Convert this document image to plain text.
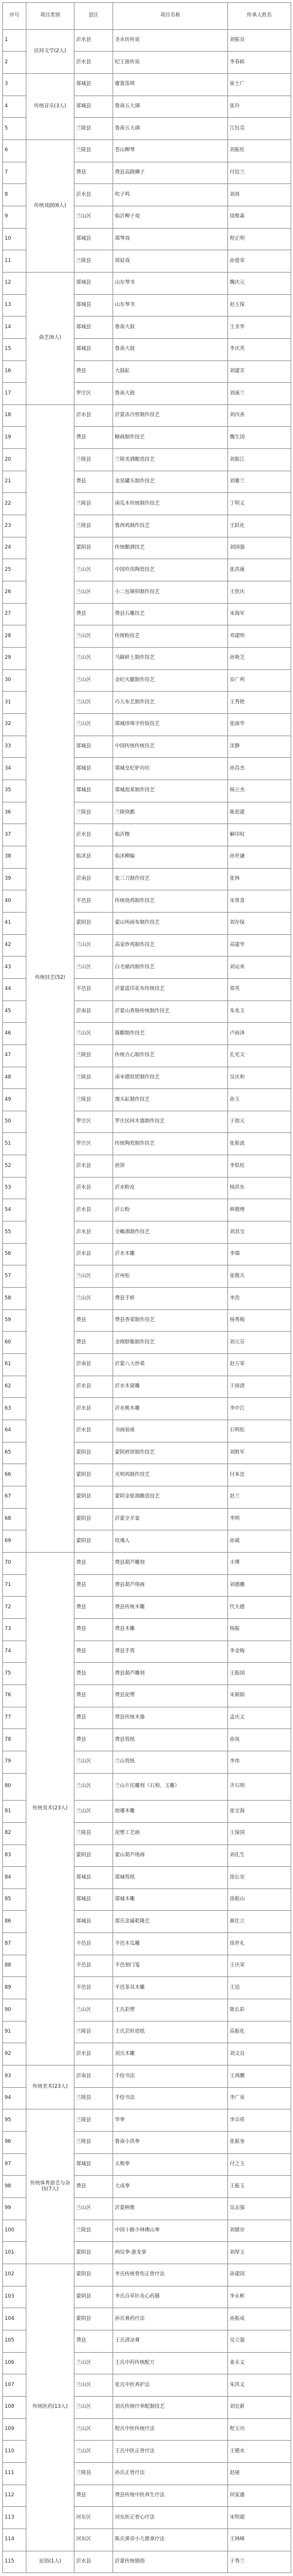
序号	项目类别	县区	项目名称	传承人姓名
1	民间文学(2人)	沂水县	圣水坊传说	刘振良
2		沂水县	纪王崮传说	李春候
3	传统音乐(3人)	郯城县	庸篦笛唢	崔士广
4		郯城县	鲁南五大调	张玲
5		兰陵县	鲁南五大调	江钰亮
6	传统戏剧(6人)	兰陵县	苍山柳琴	刘振柱
7		费县	费县高跷狮子	付信兰
8		沂水县	吹子鸣	刘周
9		兰山区	临沂柳子戏	徐维森
10		郯城县	郯琴戏	程正明
11		兰陵县	周姑戏	孙爱荣
12	曲艺(6人)	郯城县	山东琴书	魏庆元
13		郯城县	山东琴书	赵玉保
14		郯城县	鲁南大鼓	王圣华
15		郯城县	鲁南大鼓	李庆英
16		费县	大鼓缸	刘建芳
17		罗庄区	鲁南大鼓	刘康兰
18	传统技艺(52)	沂水县	沂蒙冻冷窖制作技艺	刘丙善
19		费县	糖画制作技艺	魏生国
20		兰陵县	兰陵美酒酿造技艺	刘振江
21		费县	金星罐头制作技艺	刘雅兰
22		兰陵县	南瓜木传统制作技艺	丁明义
23		兰陵县	鲁西鸡制作技艺	王跃化
24		蒙阴县	传统酿酒技艺	刘国强
25		兰山区	中国玖伟陶瓷技艺	张洪康
26		兰山区	小二包铜卯制作技艺	王欣庆
27		费县	费县石雕技艺	宋海军
28		兰山区	传统粉技艺	邓建明
29		兰山区	马蹄碎土制作技艺	孙艳芝
30		兰山区	金纪火腿制作技艺	安广利
31		兰山区	巧儿布艺制作技艺	王秀艳
32		兰山区	郯城珍珠字铃饭技艺	张丽华
33		郯城县	中国传统传统技艺	沈静
34		郯城县	郯城皇纪驴功坊	孙昌杰
35		郯城县	郯城泡菜制作技艺	杨立杰
36		兰陵县	兰陵烧鹅	陈思建
37		沂水县	临沂糁	解印权
38		临沭县	临沭柳编	孙世谦
39		沂南县	张三刀制作技艺	张林
40		平邑县	传统烧鸡制作技艺	宋普喜
41		蒙阴县	蒙山叫雨布制作技艺	刘存保
42		兰山区	高家炒鸡制作技艺	高建华
43		兰山区	白毛蜡肉制作技艺	刘运来
44		平邑县	沂蒙蓝印花布传统技艺	郑英
45		沂南县	沂蒙山香肠传统制作技艺	朱兆玉
46		兰山区	酱醋制作技艺	卢雨泽
47		兰陵县	传统点心制作技艺	孔宪文
48		兰陵县	南米德铁钯制作技艺	吴庆和
49		兰陵县	馒头缸制作技艺	孙玉
50		罗庄区	罗庄民间木器制作技艺	于拙元
51		罗庄区	传统陶瓷制作技艺	张振波
52		沂水县	煎饼	李铁柱
53		沂水县	沂水粉皮	杨洪东
54		沂水县	沂公粉	韩德增
55		沂水县	全蝎酒制作技艺	刘其宝
56		沂水县	沂水木雕	李瑞
57		兰山区	沂州松	张敬兵
58		兰山区	费县手桥	李浩
59		费县	费县香菜制作技艺	杨秀梅
60		费县	金刚脖脆制作技艺	刘元芬
61		沂南县	沂蒙八大炒菜	赵万荣
62		沂水县	沂水木窗雕	于雨清
63		沂水县	沂水桃木雕	李中江
64		沂水县	书画装裱	石明松
65		蒙阴县	蒙阴煎饼制作技艺	刘胜军
66		蒙阴县	光明鸡制作技艺	付本忠
67		蒙阴县	蒙阴金银酒酿造技艺	赵兰
68		蒙阴县	沂蒙全羊宴	李明
69		蒙阴县	玫瑰人	孙斌
70	传统美术(23人)	费县	费县葫芦雕刻	丰博
71		费县	费县葫芦烙画	刘德鹏
72		费县	费县传统木雕	代夫德
73		费县	费县木雕	杨振
74		费县	费县手剪	李金梅
75		费县	费县葫芦雕刻	王振国
76		费县	费县泥塑	宋娟娟
77		费县	费县传统木器	孟庆义
78		费县	费县剪纸	孙凤
79		兰山区	兰山剪纸	李伟
80		兰山区	兰山片托雕刻（石刻、玉雕）	齐石明
81		兰山区	琅琊木雕	张宝海
82		兰陵县	泥塑工艺画	王保国
83		蒙阴县	蒙山葫芦烙画	刘孔生
84		郯城县	郯城剪纸	徐长安
85		郯城县	郯城木雕	徐振山
86		郯城县	郯氏金属乾隆艺	郝仕立
87		平邑县	平邑木瓜雕	徐世礼
88		平邑县	平邑刻门笺	王庆荣
89		平邑县	平邑茶具木雕	王迅
90		兰山区	王氏彩塑	陈长彩
91		兰陵县	王氏芸轩造纸	高振化
92		沂水县	刘氏木雕	刘文良
93	传统美术(23人)	沂南县	手绘书法	王鸿鹏
94		兰陵县	手绘书法	李广泉
95	传统体育游艺与杂技(7人)	兰陵县	华拳	李宗祥
96		兰陵县	鲁南小洪拳	张振奎
97		郯城县	太极拳	付之玉
98		费县	大成拳	王振玉
99		兰山区	沂蒙秧歌	吴志强
100		兰陵县	中国十路少林佛山拳	刘德存
101		蒙阴县	两仪拳·游龙掌	刘厚玉
102	传统医药(13人)	蒙阴县	李氏传统骨伤正骨疗法	孙建国
103		蒙阴县	李氏百草针灸心药膳	李永彬
104		蒙阴县	孙氏膏药疗法	孙振成
105		费县	王氏清凉膏	吴立强
106		兰山区	王氏中药传统配方	姜永义
107		兰山区	张氏中医养护法	朱洪义
108		兰山区	刘氏传统疗养配制技艺	刘宏新
109		兰山区	程氏中医传统疗法	程玉功
110		兰山区	王氏中医正骨疗法	王德水
111		兰陵县	孙氏正骨疗法	赵丽
112		费县	费县传统中医养生疗法	何家惠
113		河东区	河东医正骨心疗法	宋明超
114		河东区	陈氏黄帝小儿推拿疗法	王林峰
115	民俗(1人)	沂水县	沂蒙传统婚俗	于秀兰
